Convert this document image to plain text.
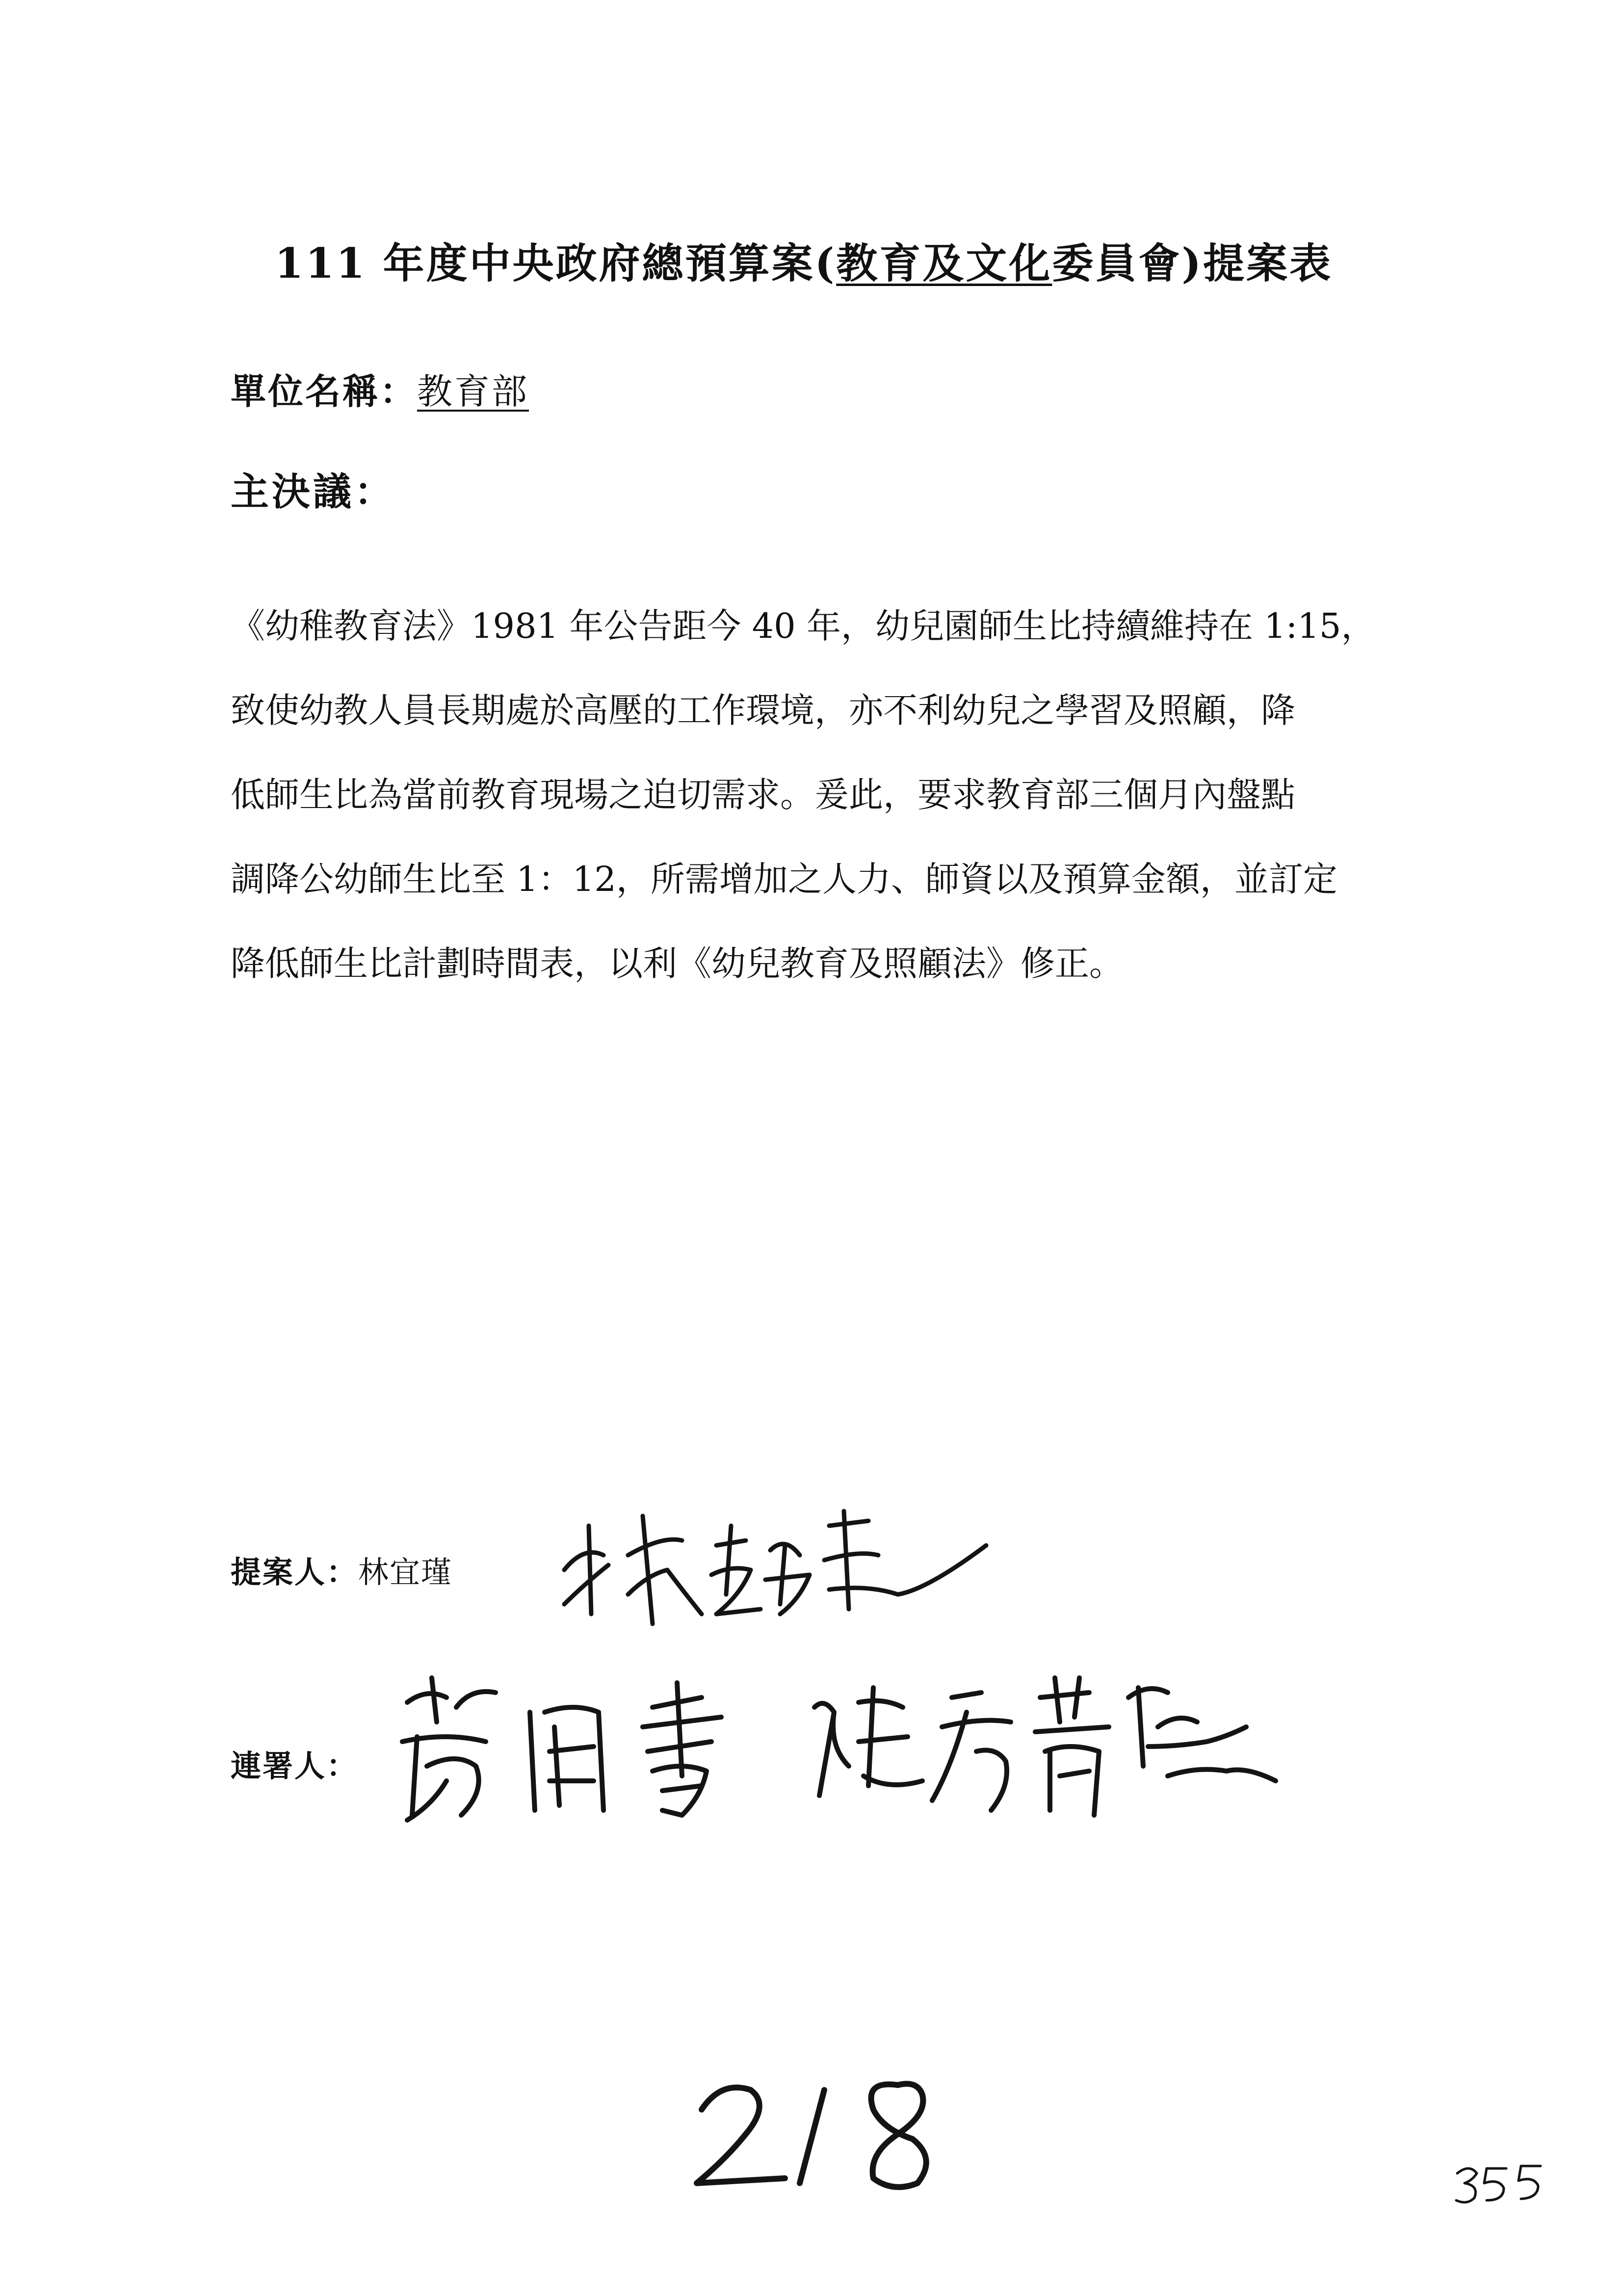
111 年度中央政府總預算案(教育及文化委員會)提案表
單位名稱：教育部
主決議：
《幼稚教育法》1981 年公告距今 40 年，幼兒園師生比持續維持在 1:15，
致使幼教人員長期處於高壓的工作環境，亦不利幼兒之學習及照顧，降
低師生比為當前教育現場之迫切需求。爰此，要求教育部三個月內盤點
調降公幼師生比至 1：12，所需增加之人力、師資以及預算金額，並訂定
降低師生比計劃時間表，以利《幼兒教育及照顧法》修正。
提案人：林宜瑾
連署人：
